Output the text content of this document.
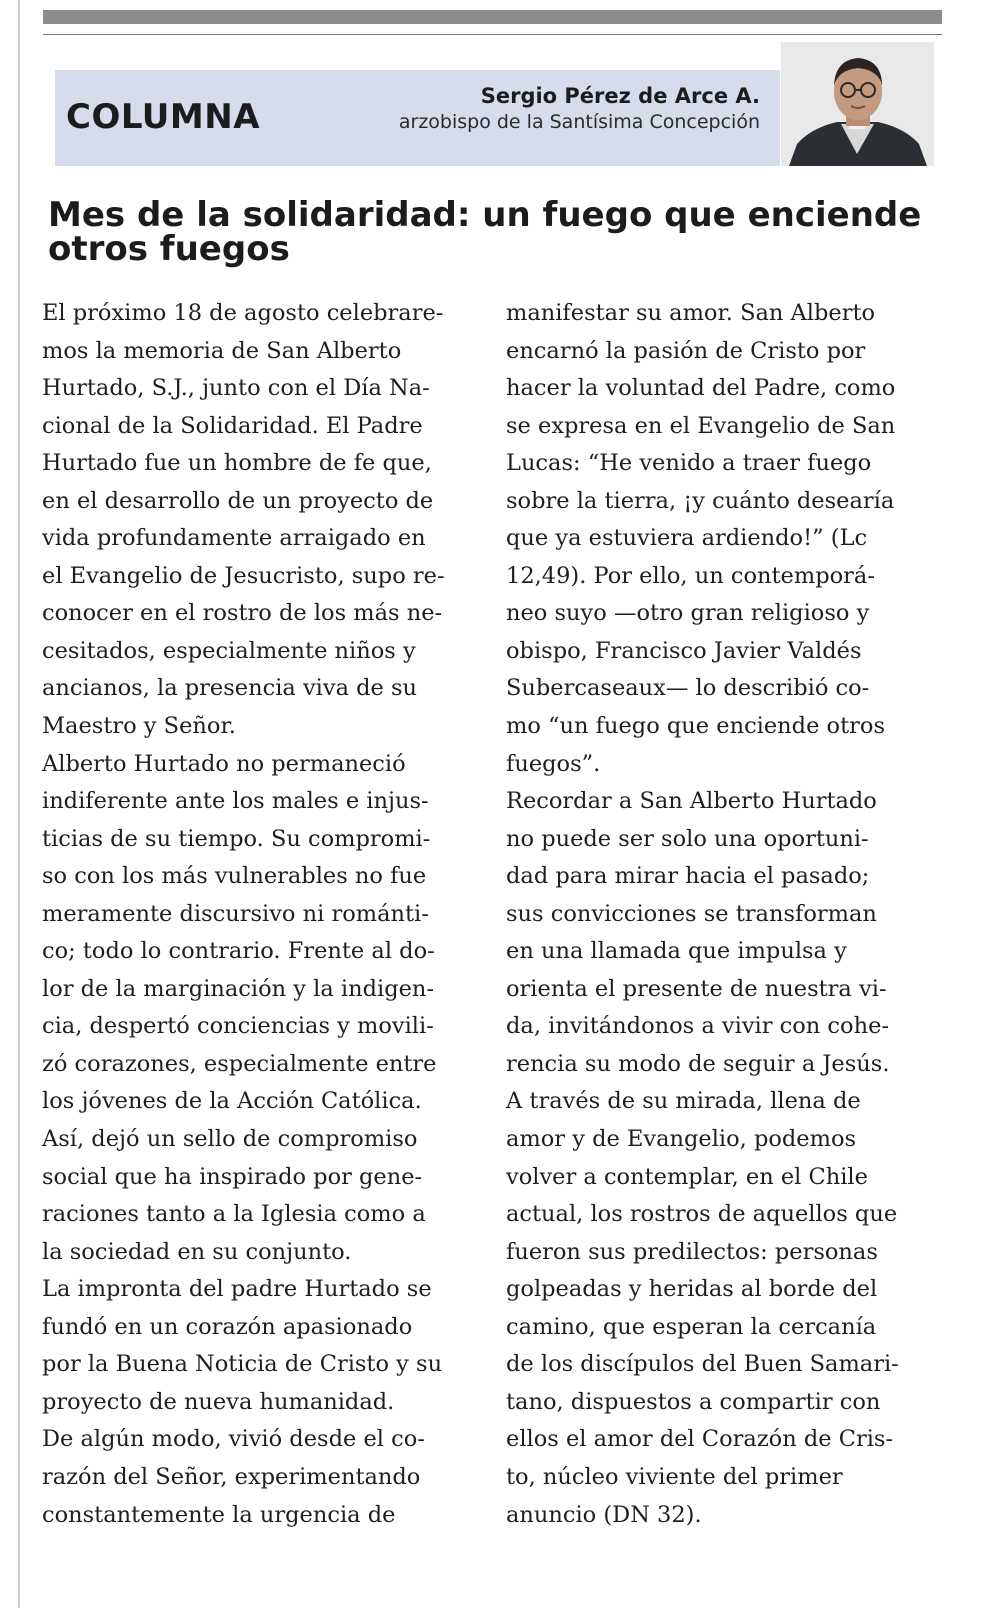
COLUMNA
Sergio Pérez de Arce A.
arzobispo de la Santísima Concepción
Mes de la solidaridad: un fuego que enciende otros fuegos
El próximo 18 de agosto celebrare-
mos la memoria de San Alberto
Hurtado, S.J., junto con el Día Na-
cional de la Solidaridad. El Padre
Hurtado fue un hombre de fe que,
en el desarrollo de un proyecto de
vida profundamente arraigado en
el Evangelio de Jesucristo, supo re-
conocer en el rostro de los más ne-
cesitados, especialmente niños y
ancianos, la presencia viva de su
Maestro y Señor.
Alberto Hurtado no permaneció
indiferente ante los males e injus-
ticias de su tiempo. Su compromi-
so con los más vulnerables no fue
meramente discursivo ni románti-
co; todo lo contrario. Frente al do-
lor de la marginación y la indigen-
cia, despertó conciencias y movili-
zó corazones, especialmente entre
los jóvenes de la Acción Católica.
Así, dejó un sello de compromiso
social que ha inspirado por gene-
raciones tanto a la Iglesia como a
la sociedad en su conjunto.
La impronta del padre Hurtado se
fundó en un corazón apasionado
por la Buena Noticia de Cristo y su
proyecto de nueva humanidad.
De algún modo, vivió desde el co-
razón del Señor, experimentando
constantemente la urgencia de
manifestar su amor. San Alberto
encarnó la pasión de Cristo por
hacer la voluntad del Padre, como
se expresa en el Evangelio de San
Lucas: “He venido a traer fuego
sobre la tierra, ¡y cuánto desearía
que ya estuviera ardiendo!” (Lc
12,49). Por ello, un contemporá-
neo suyo —otro gran religioso y
obispo, Francisco Javier Valdés
Subercaseaux— lo describió co-
mo “un fuego que enciende otros
fuegos”.
Recordar a San Alberto Hurtado
no puede ser solo una oportuni-
dad para mirar hacia el pasado;
sus convicciones se transforman
en una llamada que impulsa y
orienta el presente de nuestra vi-
da, invitándonos a vivir con cohe-
rencia su modo de seguir a Jesús.
A través de su mirada, llena de
amor y de Evangelio, podemos
volver a contemplar, en el Chile
actual, los rostros de aquellos que
fueron sus predilectos: personas
golpeadas y heridas al borde del
camino, que esperan la cercanía
de los discípulos del Buen Samari-
tano, dispuestos a compartir con
ellos el amor del Corazón de Cris-
to, núcleo viviente del primer
anuncio (DN 32).
